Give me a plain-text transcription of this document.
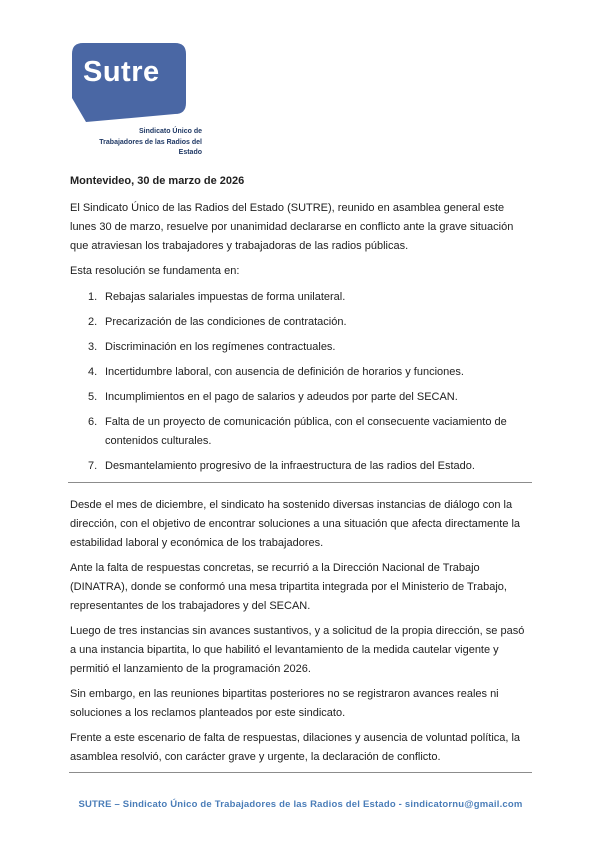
Sutre
Sindicato Único de
Trabajadores de las Radios del
Estado
Montevideo, 30 de marzo de 2026

El Sindicato Único de las Radios del Estado (SUTRE), reunido en asamblea general este lunes 30 de marzo, resuelve por unanimidad declararse en conflicto ante la grave situación que atraviesan los trabajadores y trabajadoras de las radios públicas.

Esta resolución se fundamenta en:

1. Rebajas salariales impuestas de forma unilateral.
2. Precarización de las condiciones de contratación.
3. Discriminación en los regímenes contractuales.
4. Incertidumbre laboral, con ausencia de definición de horarios y funciones.
5. Incumplimientos en el pago de salarios y adeudos por parte del SECAN.
6. Falta de un proyecto de comunicación pública, con el consecuente vaciamiento de contenidos culturales.
7. Desmantelamiento progresivo de la infraestructura de las radios del Estado.

Desde el mes de diciembre, el sindicato ha sostenido diversas instancias de diálogo con la dirección, con el objetivo de encontrar soluciones a una situación que afecta directamente la estabilidad laboral y económica de los trabajadores.

Ante la falta de respuestas concretas, se recurrió a la Dirección Nacional de Trabajo (DINATRA), donde se conformó una mesa tripartita integrada por el Ministerio de Trabajo, representantes de los trabajadores y del SECAN.

Luego de tres instancias sin avances sustantivos, y a solicitud de la propia dirección, se pasó a una instancia bipartita, lo que habilitó el levantamiento de la medida cautelar vigente y permitió el lanzamiento de la programación 2026.

Sin embargo, en las reuniones bipartitas posteriores no se registraron avances reales ni soluciones a los reclamos planteados por este sindicato.

Frente a este escenario de falta de respuestas, dilaciones y ausencia de voluntad política, la asamblea resolvió, con carácter grave y urgente, la declaración de conflicto.

SUTRE – Sindicato Único de Trabajadores de las Radios del Estado - sindicatornu@gmail.com
